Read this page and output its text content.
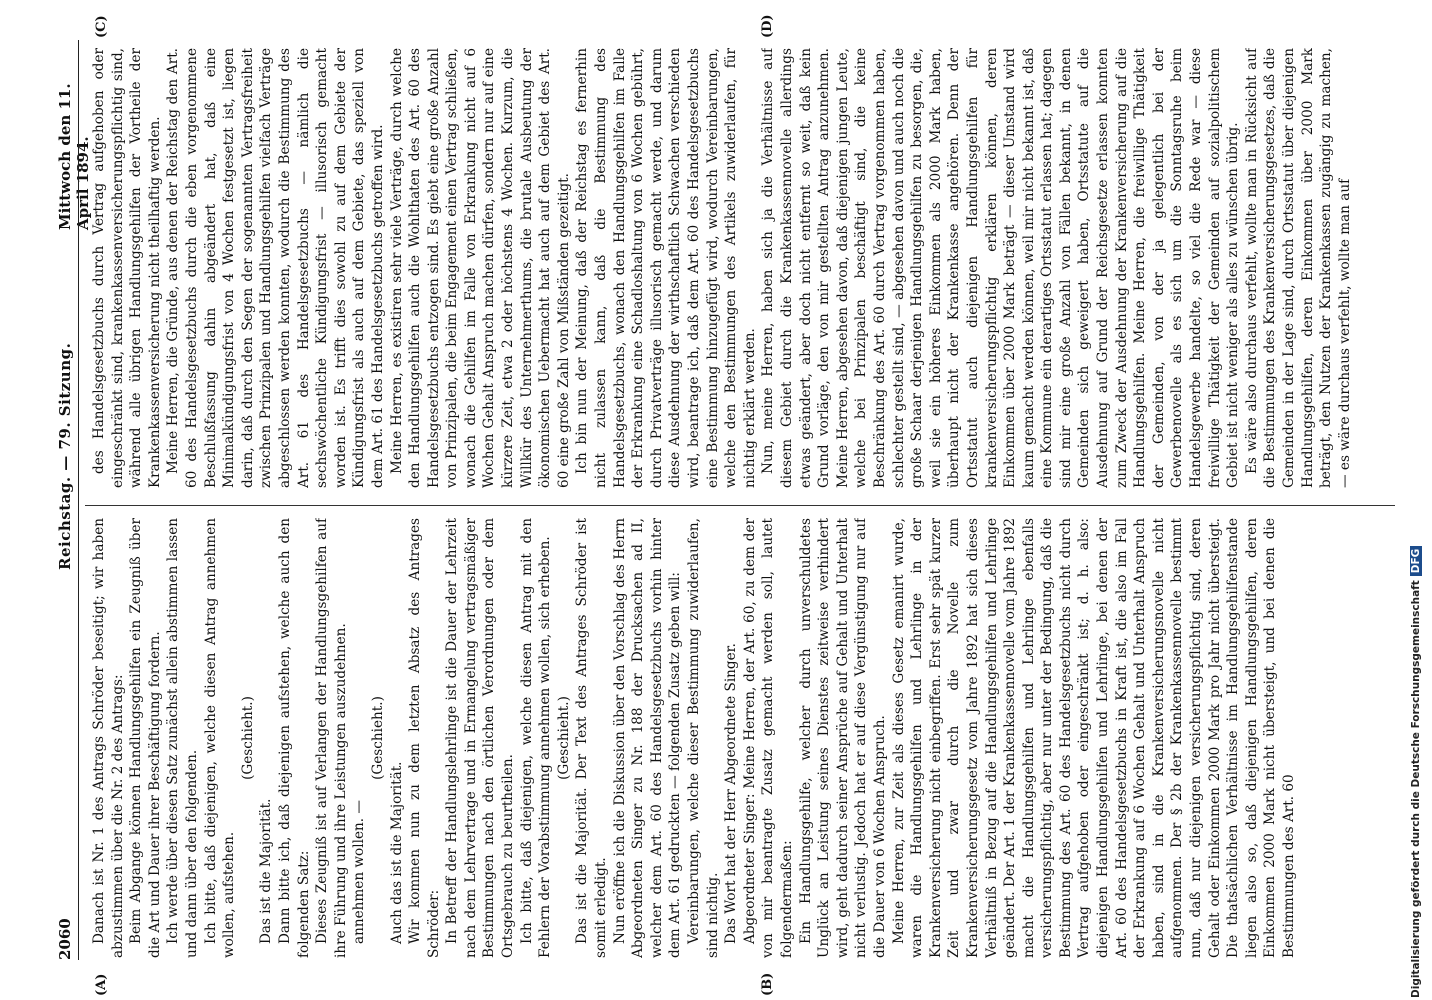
2060
Reichstag. — 79. Sitzung.
Mittwoch den 11. April 1894.
(A)	(B)
(C)	(D)

Danach ist Nr. 1 des Antrags Schröder beseitigt; wir haben abzustimmen über die Nr. 2 des Antrags: Beim Abgange können Handlungsgehilfen ein Zeugniß über die Art und Dauer ihrer Beschäftigung fordern. Ich werde über diesen Satz zunächst allein abstimmen lassen und dann über den folgenden. Ich bitte, daß diejenigen, welche diesen Antrag annehmen wollen, aufstehen.

(Geschieht.)

Das ist die Majorität. Dann bitte ich, daß diejenigen aufstehen, welche auch den folgenden Satz: Dieses Zeugniß ist auf Verlangen der Handlungsgehilfen auf ihre Führung und ihre Leistungen auszudehnen. annehmen wollen. —

(Geschieht.)

Auch das ist die Majorität. Wir kommen nun zu dem letzten Absatz des Antrages Schröder: In Betreff der Handlungslehrlinge ist die Dauer der Lehrzeit nach dem Lehrvertrage und in Ermangelung vertragsmäßiger Bestimmungen nach den örtlichen Verordnungen oder dem Ortsgebrauch zu beurtheilen. Ich bitte, daß diejenigen, welche diesen Antrag mit den Fehlern der Vorabstimmung annehmen wollen, sich erheben. (Geschieht.) Das ist die Majorität. Der Text des Antrages Schröder ist somit erledigt. Nun eröffne ich die Diskussion über den Vorschlag des Herrn Abgeordneten Singer zu Nr. 188 der Drucksachen ad II, welcher dem Art. 60 des Handelsgesetzbuchs vorhin hinter dem Art. 61 gedruckten — folgenden Zusatz geben will: Vereinbarungen, welche dieser Bestimmung zuwiderlaufen, sind nichtig. Das Wort hat der Herr Abgeordnete Singer. Abgeordneter Singer: Meine Herren, der Art. 60, zu dem der von mir beantragte Zusatz gemacht werden soll, lautet folgendermaßen: Ein Handlungsgehilfe, welcher durch unverschuldetes Unglück an Leistung seines Dienstes zeitweise verhindert wird, geht dadurch seiner Ansprüche auf Gehalt und Unterhalt nicht verlustig. Jedoch hat er auf diese Vergünstigung nur auf die Dauer von 6 Wochen Anspruch. Meine Herren, zur Zeit als dieses Gesetz emanirt wurde, waren die Handlungsgehilfen und Lehrlinge in der Krankenversicherung nicht einbegriffen. Erst sehr spät kurzer Zeit und zwar durch die Novelle zum Krankenversicherungsgesetz vom Jahre 1892 hat sich dieses Verhältniß in Bezug auf die Handlungsgehilfen und Lehrlinge geändert. Der Art. 1 der Krankenkassennovelle vom Jahre 1892 macht die Handlungsgehilfen und Lehrlinge ebenfalls versicherungspflichtig, aber nur unter der Bedingung, daß die Bestimmung des Art. 60 des Handelsgesetzbuchs nicht durch Vertrag aufgehoben oder eingeschränkt ist; d. h. also: diejenigen Handlungsgehilfen und Lehrlinge, bei denen der Art. 60 des Handelsgesetzbuchs in Kraft ist, die also im Fall der Erkrankung auf 6 Wochen Gehalt und Unterhalt Anspruch haben, sind in die Krankenversicherungsnovelle nicht aufgenommen. Der § 2b der Krankenkassennovelle bestimmt nun, daß nur diejenigen versicherungspflichtig sind, deren Gehalt oder Einkommen 2000 Mark pro Jahr nicht übersteigt. Die thatsächlichen Verhältnisse im Handlungsgehilfenstande liegen also so, daß diejenigen Handlungsgehilfen, deren Einkommen 2000 Mark nicht übersteigt, und bei denen die Bestimmungen des Art. 60

des Handelsgesetzbuchs durch Vertrag aufgehoben oder eingeschränkt sind, krankenkassenversicherungspflichtig sind, während alle übrigen Handlungsgehilfen der Vortheile der Krankenkassenversicherung nicht theilhaftig werden. Meine Herren, die Gründe, aus denen der Reichstag den Art. 60 des Handelsgesetzbuchs durch die eben vorgenommene Beschlußfassung dahin abgeändert hat, daß eine Minimalkündigungsfrist von 4 Wochen festgesetzt ist, liegen darin, daß durch den Segen der sogenannten Vertragsfreiheit zwischen Prinzipalen und Handlungsgehilfen vielfach Verträge abgeschlossen werden konnten, wodurch die Bestimmung des Art. 61 des Handelsgesetzbuchs — nämlich die sechswöchentliche Kündigungsfrist — illusorisch gemacht worden ist. Es trifft dies sowohl zu auf dem Gebiete der Kündigungsfrist als auch auf dem Gebiete, das speziell von dem Art. 61 des Handelsgesetzbuchs getroffen wird. Meine Herren, es existiren sehr viele Verträge, durch welche den Handlungsgehilfen auch die Wohlthaten des Art. 60 des Handelsgesetzbuchs entzogen sind. Es giebt eine große Anzahl von Prinzipalen, die beim Engagement einen Vertrag schließen, wonach die Gehilfen im Falle von Erkrankung nicht auf 6 Wochen Gehalt Anspruch machen dürfen, sondern nur auf eine kürzere Zeit, etwa 2 oder höchstens 4 Wochen. Kurzum, die Willkür des Unternehmerthums, die brutale Ausbeutung der ökonomischen Uebermacht hat auch auf dem Gebiet des Art. 60 eine große Zahl von Mißständen gezeitigt. Ich bin nun der Meinung, daß der Reichstag es fernerhin nicht zulassen kann, daß die Bestimmung des Handelsgesetzbuchs, wonach den Handlungsgehilfen im Falle der Erkrankung eine Schadloshaltung von 6 Wochen gebührt, durch Privatverträge illusorisch gemacht werde, und darum diese Ausdehnung der wirthschaftlich Schwachen verschieden wird, beantrage ich, daß dem Art. 60 des Handelsgesetzbuchs eine Bestimmung hinzugefügt wird, wodurch Vereinbarungen, welche den Bestimmungen des Artikels zuwiderlaufen, für nichtig erklärt werden. Nun, meine Herren, haben sich ja die Verhältnisse auf diesem Gebiet durch die Krankenkassennovelle allerdings etwas geändert, aber doch nicht entfernt so weit, daß kein Grund vorläge, den von mir gestellten Antrag anzunehmen. Meine Herren, abgesehen davon, daß diejenigen jungen Leute, welche bei Prinzipalen beschäftigt sind, die keine Beschränkung des Art. 60 durch Vertrag vorgenommen haben, schlechter gestellt sind, — abgesehen davon und auch noch die große Schaar derjenigen Handlungsgehilfen zu besorgen, die, weil sie ein höheres Einkommen als 2000 Mark haben, überhaupt nicht der Krankenkasse angehören. Denn der Ortsstatut auch diejenigen Handlungsgehilfen für krankenversicherungspflichtig erklären können, deren Einkommen über 2000 Mark beträgt — dieser Umstand wird kaum gemacht werden können, weil mir nicht bekannt ist, daß eine Kommune ein derartiges Ortsstatut erlassen hat; dagegen sind mir eine große Anzahl von Fällen bekannt, in denen Gemeinden sich geweigert haben, Ortsstatute auf die Ausdehnung auf Grund der Reichsgesetze erlassen konnten zum Zweck der Ausdehnung der Krankenversicherung auf die Handlungsgehilfen. Meine Herren, die freiwillige Thätigkeit der Gemeinden, von der ja gelegentlich bei der Gewerbenovelle als es sich um die Sonntagsruhe beim Handelsgewerbe handelte, so viel die Rede war — diese freiwillige Thätigkeit der Gemeinden auf sozialpolitischem Gebiet ist nicht weniger als alles zu wünschen übrig. Es wäre also durchaus verfehlt, wollte man in Rücksicht auf die Bestimmungen des Krankenversicherungsgesetzes, daß die Gemeinden in der Lage sind, durch Ortsstatut über diejenigen Handlungsgehilfen, deren Einkommen über 2000 Mark beträgt, den Nutzen der Krankenkassen zugängig zu machen, — es wäre durchaus verfehlt, wollte man auf

Digitalisierung gefördert durch die Deutsche ForschungsgemeinschaftDFG
